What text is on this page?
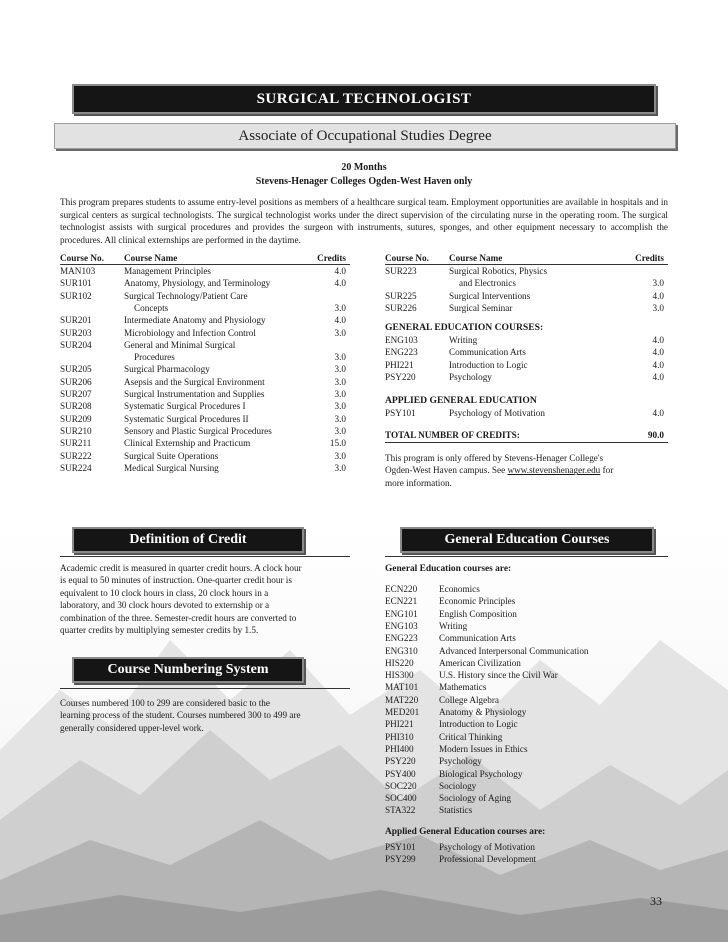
SURGICAL TECHNOLOGIST
Associate of Occupational Studies Degree
20 Months
Stevens-Henager Colleges Ogden-West Haven only

This program prepares students to assume entry-level positions as members of a healthcare surgical team. Employment opportunities are available in hospitals and in surgical centers as surgical technologists. The surgical technologist works under the direct supervision of the circulating nurse in the operating room. The surgical technologist assists with surgical procedures and provides the surgeon with instruments, sutures, sponges, and other equipment necessary to accomplish the procedures. All clinical externships are performed in the daytime.

Course No. Course Name	Credits
MAN103	Management Principles	4.0
SUR101	Anatomy, Physiology, and Terminology	4.0
SUR102	Surgical Technology/Patient Care
Concepts	3.0
SUR201	Intermediate Anatomy and Physiology	4.0
SUR203	Microbiology and Infection Control	3.0
SUR204	General and Minimal Surgical
Procedures	3.0
SUR205	Surgical Pharmacology	3.0
SUR206	Asepsis and the Surgical Environment	3.0
SUR207	Surgical Instrumentation and Supplies	3.0
SUR208	Systematic Surgical Procedures I	3.0
SUR209	Systematic Surgical Procedures II	3.0
SUR210	Sensory and Plastic Surgical Procedures	3.0
SUR211	Clinical Externship and Practicum	15.0
SUR222	Surgical Suite Operations	3.0
SUR224	Medical Surgical Nursing	3.0
Course No. Course Name	Credits
SUR223	Surgical Robotics, Physics
and Electronics	3.0
SUR225	Surgical Interventions	4.0
SUR226	Surgical Seminar	3.0
GENERAL EDUCATION COURSES:
ENG103	Writing	4.0
ENG223	Communication Arts	4.0
PHI221	Introduction to Logic	4.0
PSY220	Psychology	4.0
APPLIED GENERAL EDUCATION
PSY101	Psychology of Motivation	4.0
TOTAL NUMBER OF CREDITS:	90.0
This program is only offered by Stevens-Henager College's
Ogden-West Haven campus. See www.stevenshenager.edu for
more information.
Definition of Credit
Academic credit is measured in quarter credit hours. A clock hour
is equal to 50 minutes of instruction. One-quarter credit hour is
equivalent to 10 clock hours in class, 20 clock hours in a
laboratory, and 30 clock hours devoted to externship or a
combination of the three. Semester-credit hours are converted to
quarter credits by multiplying semester credits by 1.5.
Course Numbering System
Courses numbered 100 to 299 are considered basic to the
learning process of the student. Courses numbered 300 to 499 are
generally considered upper-level work.
General Education Courses
General Education courses are:
ECN220 Economics
ECN221 Economic Principles
ENG101 English Composition
ENG103 Writing
ENG223 Communication Arts
ENG310 Advanced Interpersonal Communication
HIS220	American Civilization
HIS300	U.S. History since the Civil War
MAT101 Mathematics
MAT220 College Algebra
MED201 Anatomy & Physiology
PHI221	Introduction to Logic
PHI310	Critical Thinking
PHI400	Modern Issues in Ethics
PSY220	Psychology
PSY400	Biological Psychology
SOC220 Sociology
SOC400 Sociology of Aging
STA322	Statistics
Applied General Education courses are:
PSY101	Psychology of Motivation
PSY299	Professional Development
33
